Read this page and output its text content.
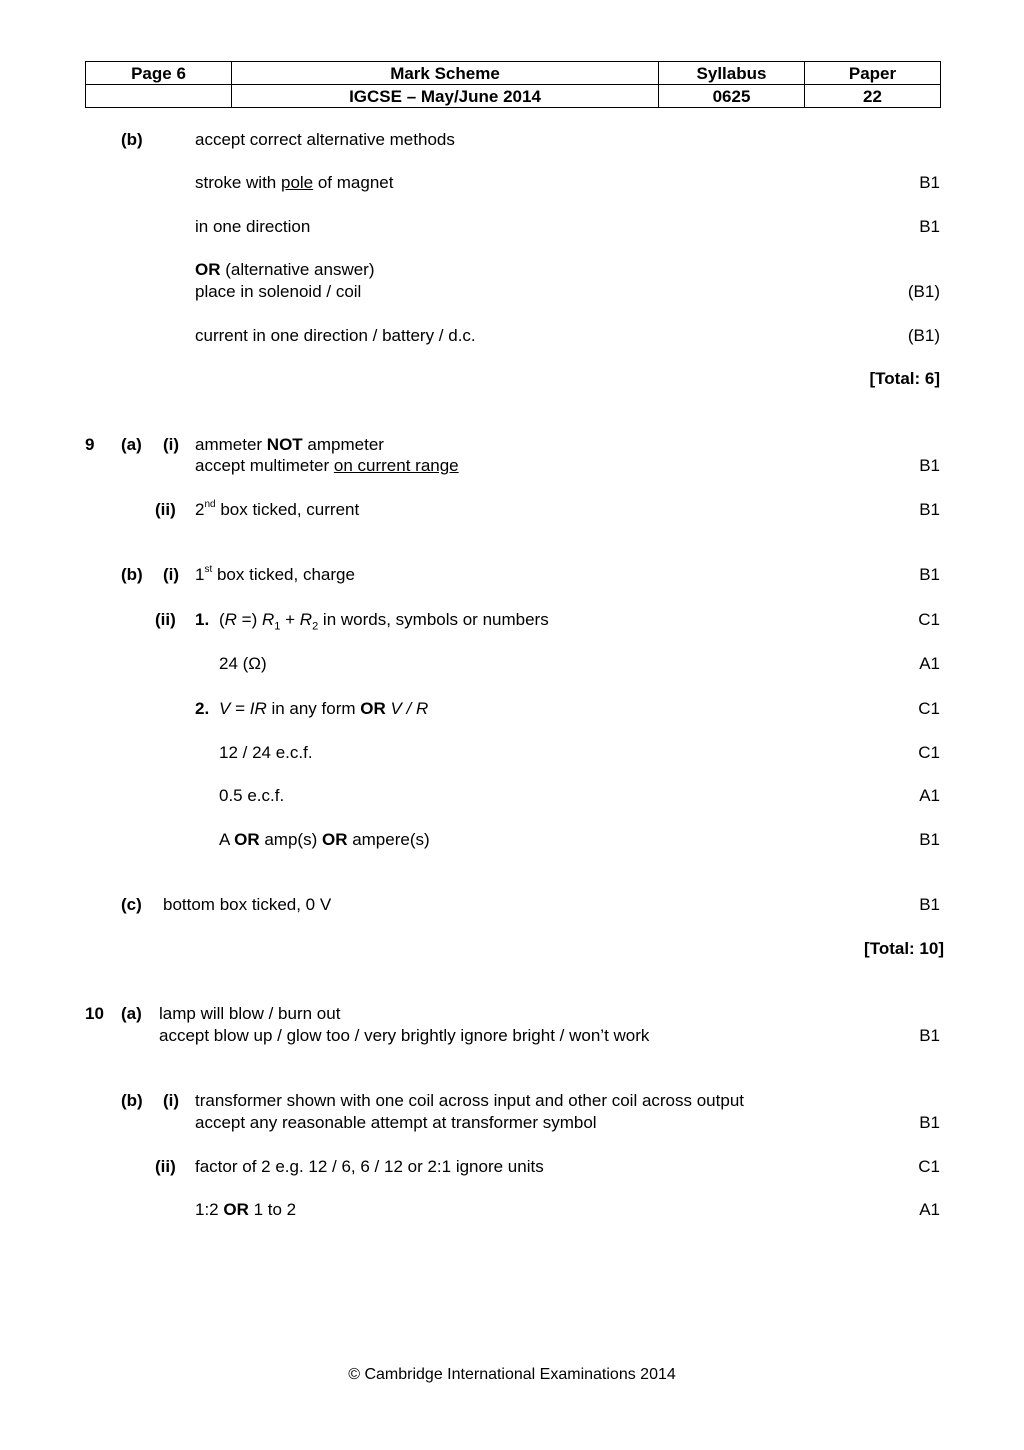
Page 6	Mark Scheme	Syllabus	Paper
	IGCSE – May/June 2014	0625	22
(b)	accept correct alternative methods
stroke with pole of magnet	B1
in one direction	B1
OR (alternative answer)
place in solenoid / coil	(B1)
current in one direction / battery / d.c.	(B1)
[Total: 6]
9 (a) (i) ammeter NOT ampmeter
accept multimeter on current range	B1
(ii) 2nd box ticked, current	B1
(b) (i) 1st box ticked, charge	B1
(ii) 1. (R =) $R_1 + R_2$ in words, symbols or numbers	C1
24 (Ω)	A1
2. V = IR in any form OR V / R	C1
12 / 24 e.c.f.	C1
0.5 e.c.f.	A1
A OR amp(s) OR ampere(s)	B1
(c) bottom box ticked, 0 V	B1
[Total: 10]
10 (a) lamp will blow / burn out
accept blow up / glow too / very brightly ignore bright / won’t work	B1
(b) (i) transformer shown with one coil across input and other coil across output
accept any reasonable attempt at transformer symbol	B1
(ii) factor of 2 e.g. 12 / 6, 6 / 12 or 2:1 ignore units	C1
1:2 OR 1 to 2	A1
© Cambridge International Examinations 2014
